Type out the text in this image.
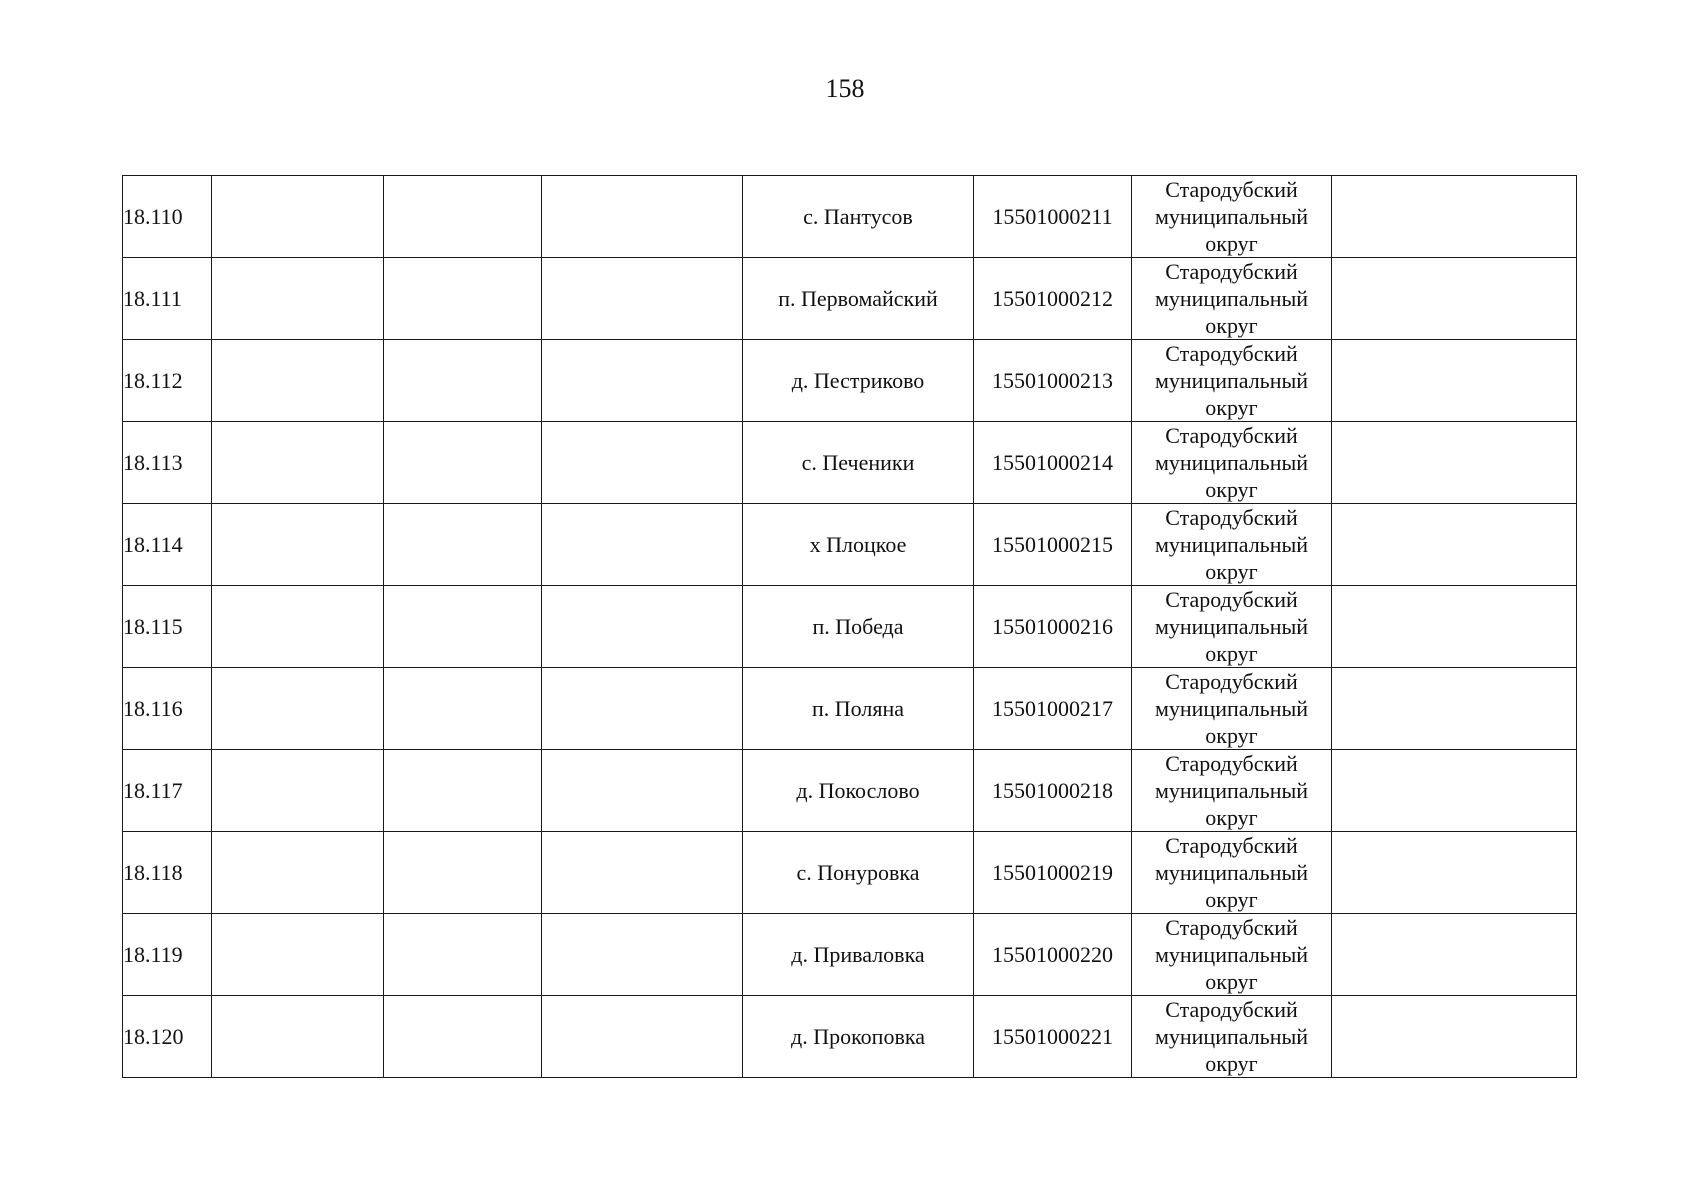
158
18.110				с. Пантусов	15501000211	Стародубский
муниципальный
округ	

18.111				п. Первомайский	15501000212	Стародубский
муниципальный
округ	

18.112				д. Пестриково	15501000213	Стародубский
муниципальный
округ	

18.113				с. Печеники	15501000214	Стародубский
муниципальный
округ	

18.114				х Плоцкое	15501000215	Стародубский
муниципальный
округ	

18.115				п. Победа	15501000216	Стародубский
муниципальный
округ	

18.116				п. Поляна	15501000217	Стародубский
муниципальный
округ	

18.117				д. Покослово	15501000218	Стародубский
муниципальный
округ	

18.118				с. Понуровка	15501000219	Стародубский
муниципальный
округ	

18.119				д. Приваловка	15501000220	Стародубский
муниципальный
округ	

18.120				д. Прокоповка	15501000221	Стародубский
муниципальный
округ	
